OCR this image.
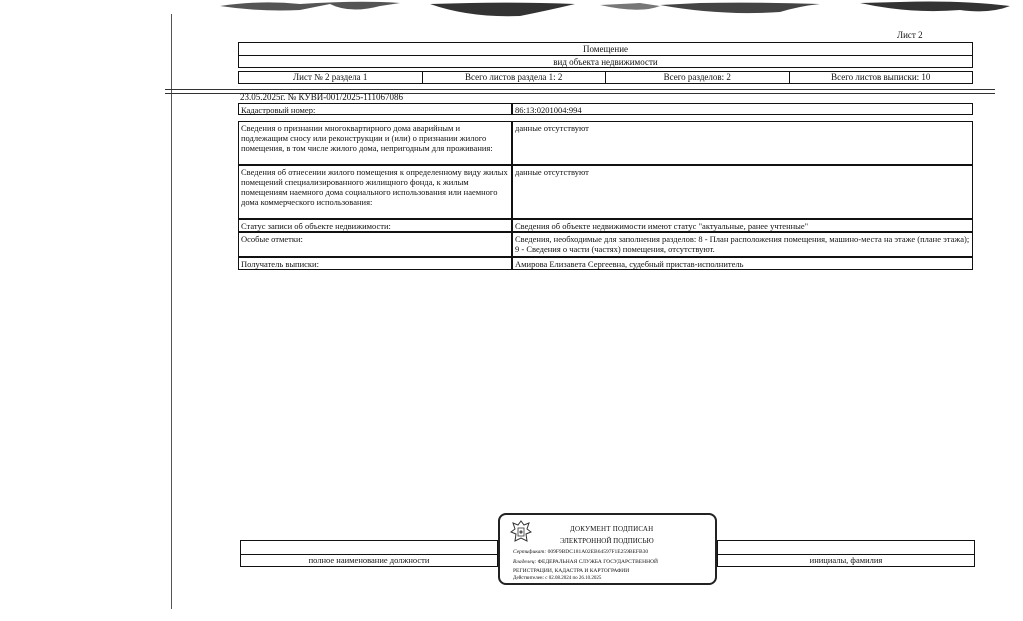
Лист 2
Помещение
вид объекта недвижимости
Лист № 2 раздела 1	Всего листов раздела 1: 2	Всего разделов: 2	Всего листов выписки: 10
23.05.2025г. № КУВИ-001/2025-111067086
Кадастровый номер:	86:13:0201004:994
Сведения о признании многоквартирного дома аварийным и подлежащим сносу или реконструкции и (или) о признании жилого помещения, в том числе жилого дома, непригодным для проживания:
данные отсутствуют
Сведения об отнесении жилого помещения к определенному виду жилых помещений специализированного жилищного фонда, к жилым помещениям наемного дома социального использования или наемного дома коммерческого использования:
данные отсутствуют
Статус записи об объекте недвижимости:	Сведения об объекте недвижимости имеют статус "актуальные, ранее учтенные"
Особые отметки:	Сведения, необходимые для заполнения разделов: 8 - План расположения помещения, машино-места на этаже (плане этажа); 9 - Сведения о части (частях) помещения, отсутствуют.
Получатель выписки:	Амирова Елизавета Сергеевна, судебный пристав-исполнитель
полное наименование должности	инициалы, фамилия
ДОКУМЕНТ ПОДПИСАН
ЭЛЕКТРОННОЙ ПОДПИСЬЮ
Сертификат: 009F9BDC181A02EB64597F1E259BEFB30
Владелец: ФЕДЕРАЛЬНАЯ СЛУЖБА ГОСУДАРСТВЕННОЙ
РЕГИСТРАЦИИ, КАДАСТРА И КАРТОГРАФИИ
Действителен: с 02.08.2024 по 26.10.2025
